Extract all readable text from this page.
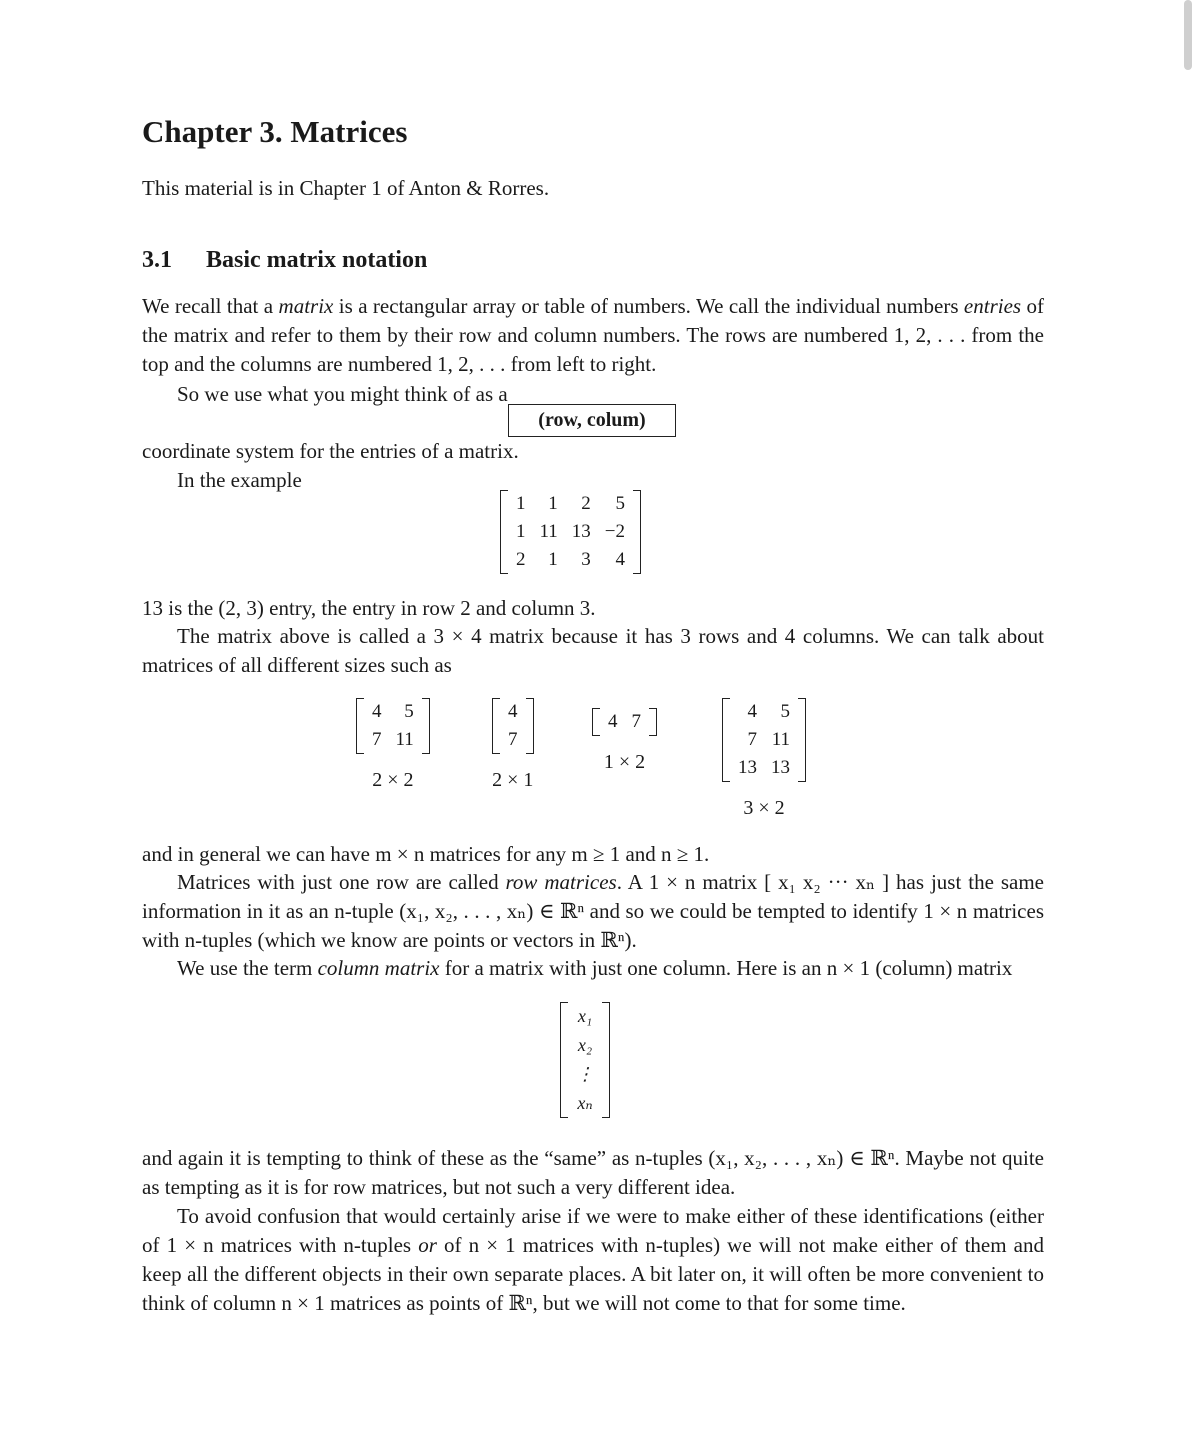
Chapter 3. Matrices

This material is in Chapter 1 of Anton & Rorres.

3.1 Basic matrix notation

We recall that a matrix is a rectangular array or table of numbers. We call the individual numbers entries of the matrix and refer to them by their row and column numbers. The rows are numbered 1, 2, . . . from the top and the columns are numbered 1, 2, . . . from left to right.

So we use what you might think of as a

(row, colum)

coordinate system for the entries of a matrix.

In the example

1
1
2
1
11
1
2
13
3
5
−2
4

13 is the (2, 3) entry, the entry in row 2 and column 3.

The matrix above is called a 3 × 4 matrix because it has 3 rows and 4 columns. We can talk about matrices of all different sizes such as

4
7
5
11
2 × 2
4
7
2 × 1
4 7
1 × 2
4
7
13
5
11
13
3 × 2

and in general we can have m × n matrices for any m ≥ 1 and n ≥ 1.

Matrices with just one row are called row matrices. A 1 × n matrix [ x₁ x₂ ··· xₙ ] has just the same information in it as an n-tuple (x₁, x₂, . . . , xₙ) ∈ ℝⁿ and so we could be tempted to identify 1 × n matrices with n-tuples (which we know are points or vectors in ℝⁿ).

We use the term column matrix for a matrix with just one column. Here is an n × 1 (column) matrix

x₁
x₂
⋮
xₙ

and again it is tempting to think of these as the “same” as n-tuples (x₁, x₂, . . . , xₙ) ∈ ℝⁿ. Maybe not quite as tempting as it is for row matrices, but not such a very different idea.

To avoid confusion that would certainly arise if we were to make either of these identifications (either of 1 × n matrices with n-tuples or of n × 1 matrices with n-tuples) we will not make either of them and keep all the different objects in their own separate places. A bit later on, it will often be more convenient to think of column n × 1 matrices as points of ℝⁿ, but we will not come to that for some time.
